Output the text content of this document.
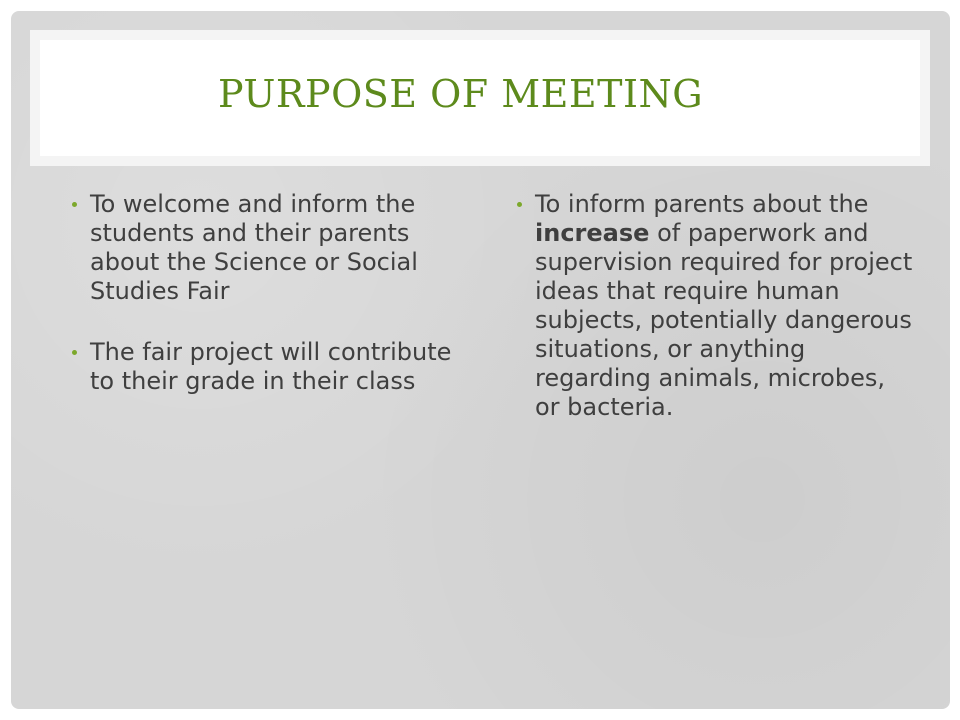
PURPOSE OF MEETING
To welcome and inform the students and their parents about the Science or Social Studies Fair
The fair project will contribute to their grade in their class
To inform parents about the increase of paperwork and supervision required for project ideas that require human subjects, potentially dangerous situations, or anything regarding animals, microbes, or bacteria.
